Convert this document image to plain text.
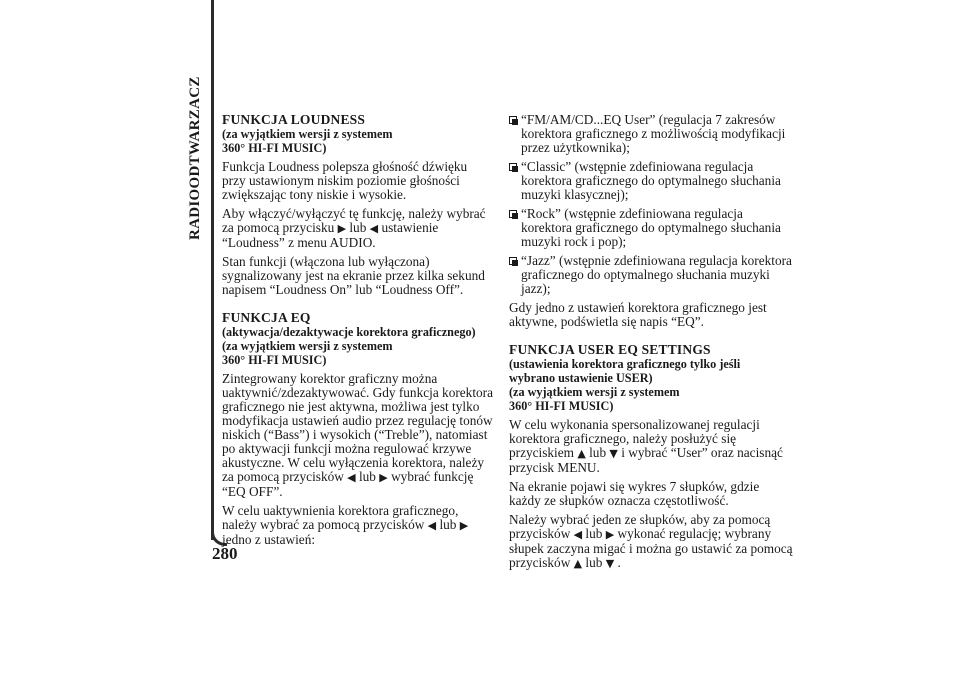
RADIOODTWARZACZ
280
FUNKCJA LOUDNESS
(za wyjątkiem wersji z systemem
360° HI-FI MUSIC)

Funkcja Loudness polepsza głośność dźwięku przy ustawionym niskim poziomie głośności zwiększając tony niskie i wysokie.

Aby włączyć/wyłączyć tę funkcję, należy wybrać za pomocą przycisku ▶ lub ◀ ustawienie “Loudness” z menu AUDIO.

Stan funkcji (włączona lub wyłączona) sygnalizowany jest na ekranie przez kilka sekund napisem “Loudness On” lub “Loudness Off”.

FUNKCJA EQ
(aktywacja/dezaktywacje korektora graficznego)
(za wyjątkiem wersji z systemem
360° HI-FI MUSIC)

Zintegrowany korektor graficzny można uaktywnić/zdezaktywować. Gdy funkcja korektora graficznego nie jest aktywna, możliwa jest tylko modyfikacja ustawień audio przez regulację tonów niskich (“Bass”) i wysokich (“Treble”), natomiast po aktywacji funkcji można regulować krzywe akustyczne. W celu wyłączenia korektora, należy za pomocą przycisków ◀ lub ▶ wybrać funkcję “EQ OFF”.

W celu uaktywnienia korektora graficznego, należy wybrać za pomocą przycisków ◀ lub ▶ jedno z ustawień:

“FM/AM/CD...EQ User” (regulacja 7 zakresów korektora graficznego z możliwością modyfikacji przez użytkownika);
“Classic” (wstępnie zdefiniowana regulacja korektora graficznego do optymalnego słuchania muzyki klasycznej);
“Rock” (wstępnie zdefiniowana regulacja korektora graficznego do optymalnego słuchania muzyki rock i pop);
“Jazz” (wstępnie zdefiniowana regulacja korektora graficznego do optymalnego słuchania muzyki jazz);

Gdy jedno z ustawień korektora graficznego jest aktywne, podświetla się napis “EQ”.

FUNKCJA USER EQ SETTINGS
(ustawienia korektora graficznego tylko jeśli
wybrano ustawienie USER)
(za wyjątkiem wersji z systemem
360° HI-FI MUSIC)

W celu wykonania spersonalizowanej regulacji korektora graficznego, należy posłużyć się przyciskiem ▲ lub ▼ i wybrać “User” oraz nacisnąć przycisk MENU.

Na ekranie pojawi się wykres 7 słupków, gdzie każdy ze słupków oznacza częstotliwość.

Należy wybrać jeden ze słupków, aby za pomocą przycisków ◀ lub ▶ wykonać regulację; wybrany słupek zaczyna migać i można go ustawić za pomocą przycisków ▲ lub ▼ .
